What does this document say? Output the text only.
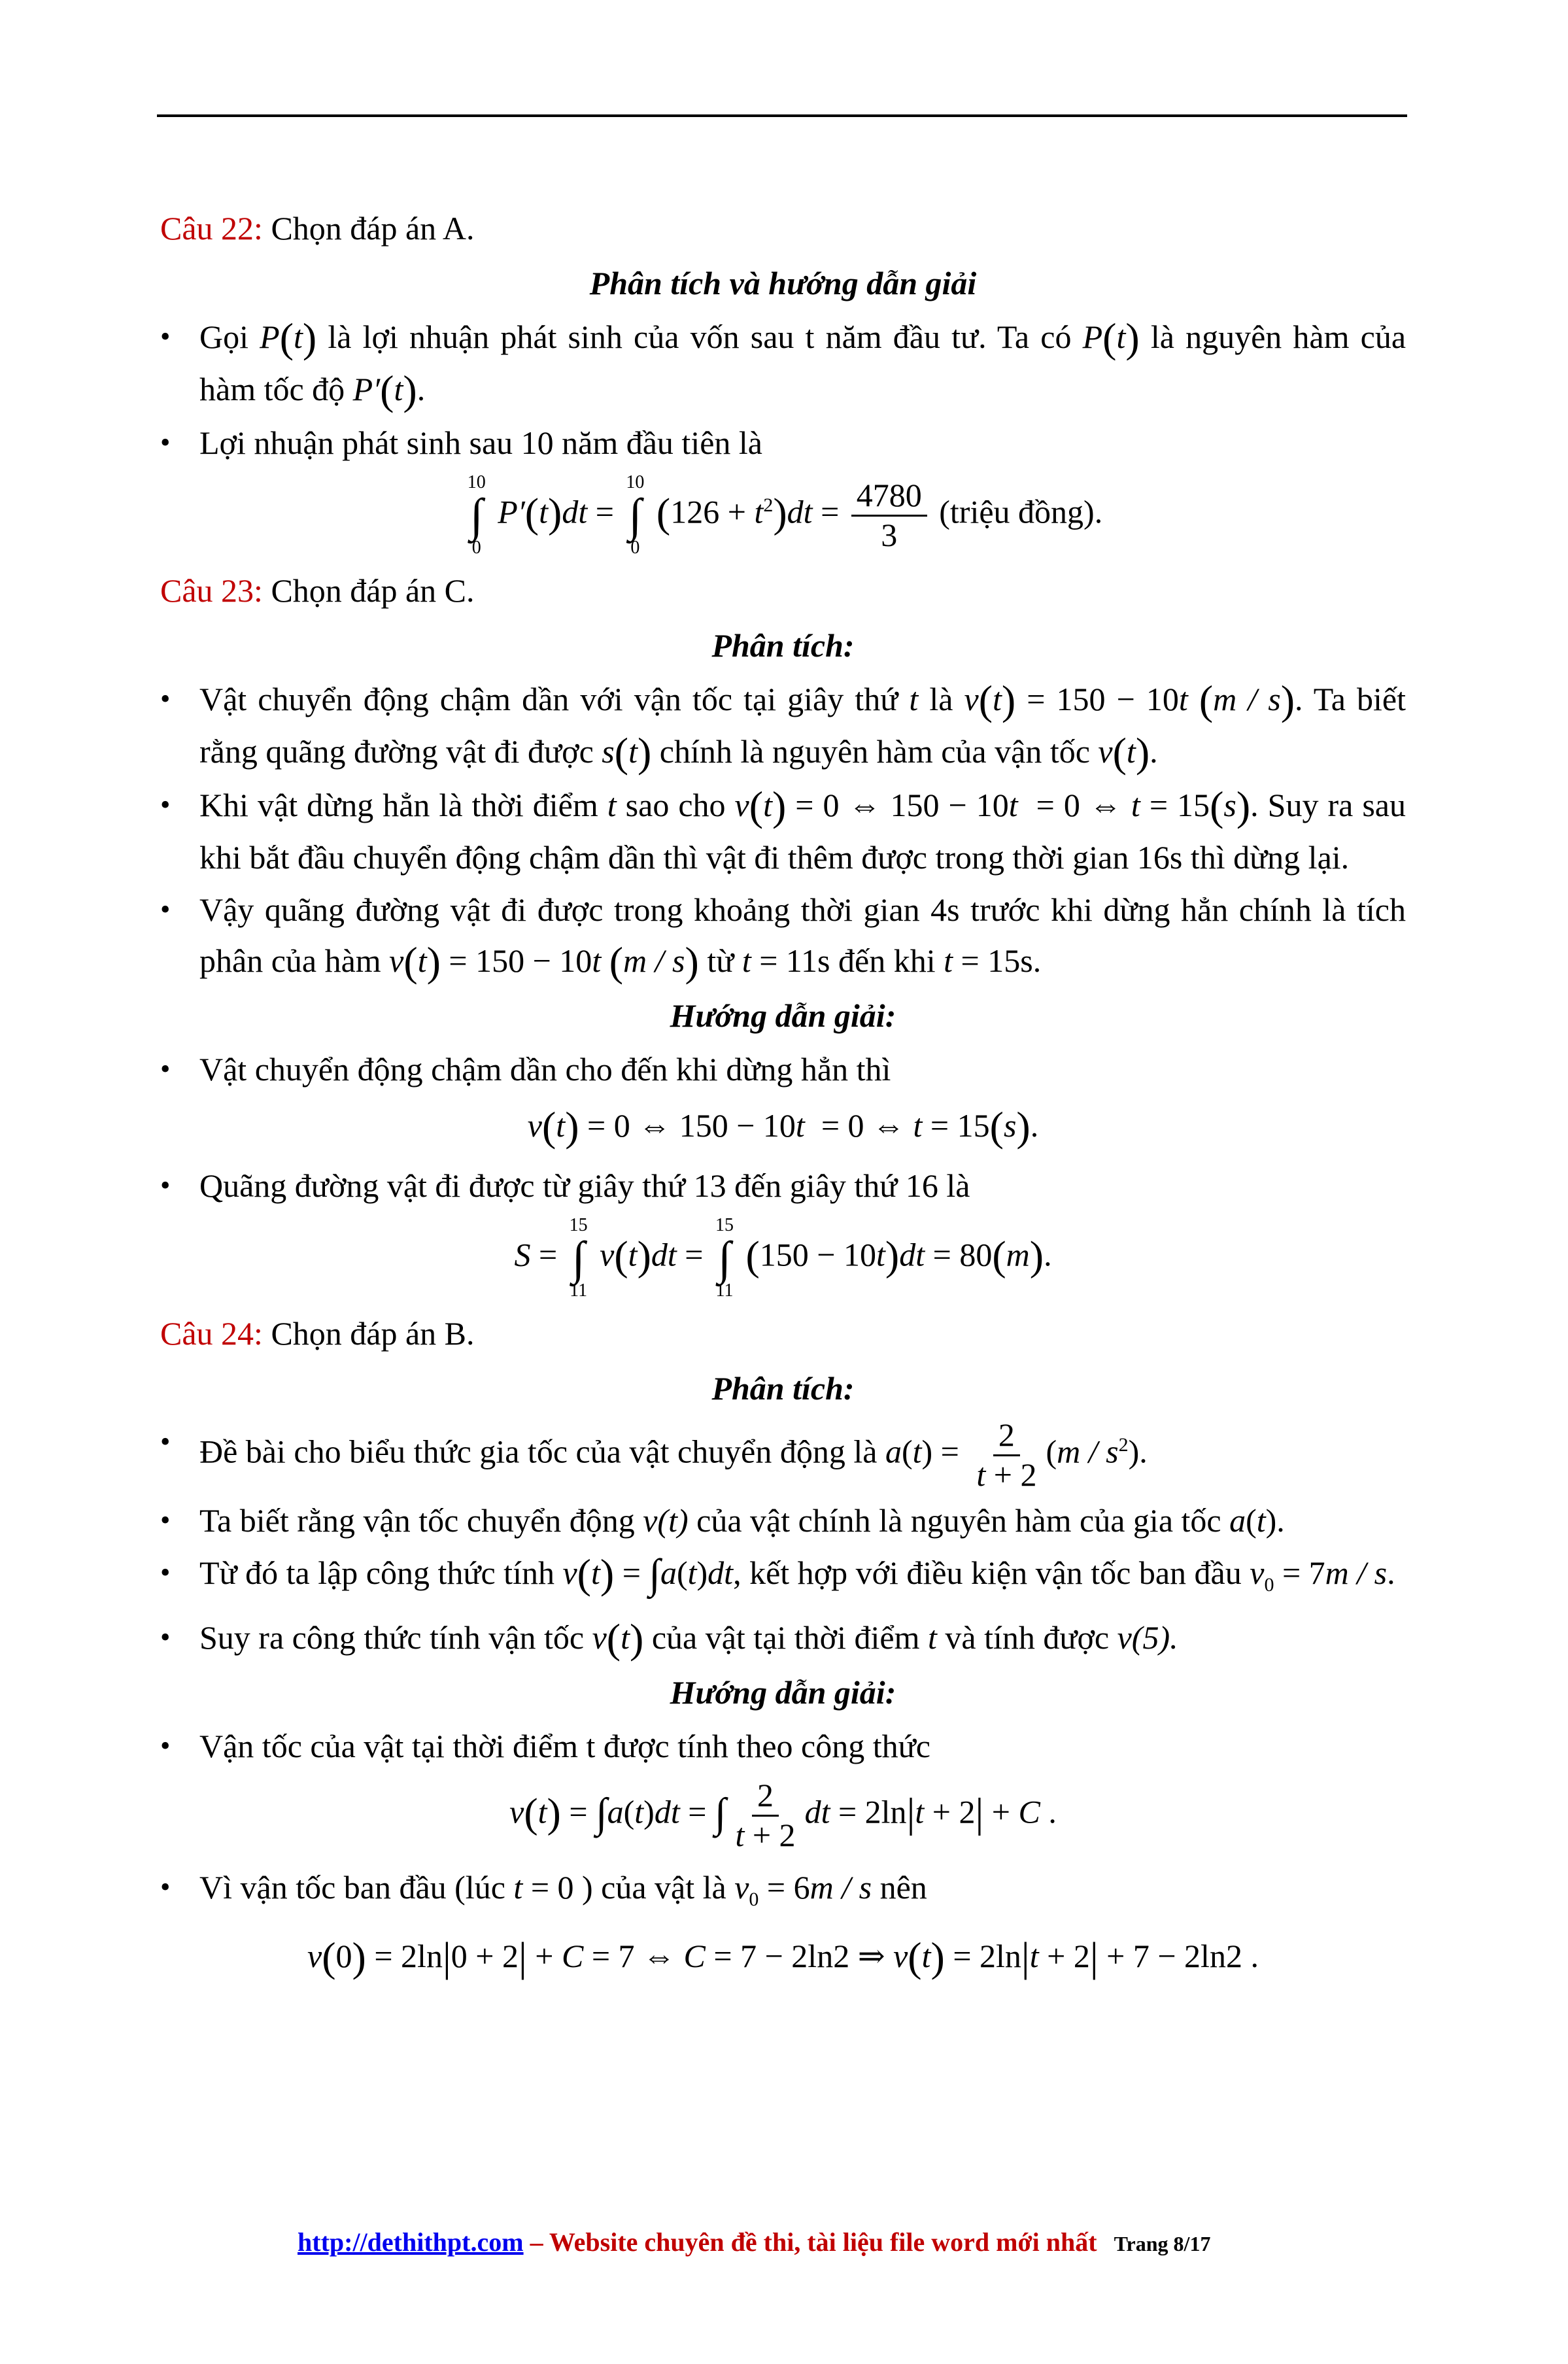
Câu 22: Chọn đáp án A.
Phân tích và hướng dẫn giải
• Gọi P(t) là lợi nhuận phát sinh của vốn sau t năm đầu tư. Ta có P(t) là nguyên hàm của hàm tốc độ P′(t).
• Lợi nhuận phát sinh sau 10 năm đầu tiên là
10
∫
0
P′(t)dt =
10
∫
0
$(126 + t^2)dt = \frac{4780}{3}$ (triệu đồng).
Câu 23: Chọn đáp án C.
Phân tích:
• Vật chuyển động chậm dần với vận tốc tại giây thứ t là v(t) = 150 − 10t (m / s). Ta biết rằng quãng đường vật đi được s(t) chính là nguyên hàm của vận tốc v(t).
• Khi vật dừng hẳn là thời điểm t sao cho v(t) = 0 ⇔ 150 − 10t  = 0 ⇔ t = 15(s). Suy ra sau khi bắt đầu chuyển động chậm dần thì vật đi thêm được trong thời gian 16s thì dừng lại.
• Vậy quãng đường vật đi được trong khoảng thời gian 4s trước khi dừng hẳn chính là tích phân của hàm v(t) = 150 − 10t (m / s) từ t = 11s đến khi t = 15s.
Hướng dẫn giải:
• Vật chuyển động chậm dần cho đến khi dừng hẳn thì
v(t) = 0 ⇔ 150 − 10t  = 0 ⇔ t = 15(s).
• Quãng đường vật đi được từ giây thứ 13 đến giây thứ 16 là
S =
15
∫
11
v(t)dt =
15
∫
11
(150 − 10t)dt = 80(m).
Câu 24: Chọn đáp án B.
Phân tích:
• Đề bài cho biểu thức gia tốc của vật chuyển động là $a(t) = \frac{2}{t + 2} (m / s^2)$.
• Ta biết rằng vận tốc chuyển động v(t) của vật chính là nguyên hàm của gia tốc a(t).
• Từ đó ta lập công thức tính v(t) = ∫a(t)dt, kết hợp với điều kiện vận tốc ban đầu $v_0 = 7m / s$.
• Suy ra công thức tính vận tốc v(t) của vật tại thời điểm t và tính được v(5).
Hướng dẫn giải:
• Vận tốc của vật tại thời điểm t được tính theo công thức
v(t) = ∫a(t)dt = ∫ $\frac{2}{t + 2}$ dt = 2ln|t + 2| + C .
• Vì vận tốc ban đầu (lúc t = 0 ) của vật là $v_0 = 6m / s$ nên
v(0) = 2ln|0 + 2| + C = 7 ⇔ C = 7 − 2ln2 ⇒ v(t) = 2ln|t + 2| + 7 − 2ln2 .
http://dethithpt.com – Website chuyên đề thi, tài liệu file word mới nhất Trang 8/17
